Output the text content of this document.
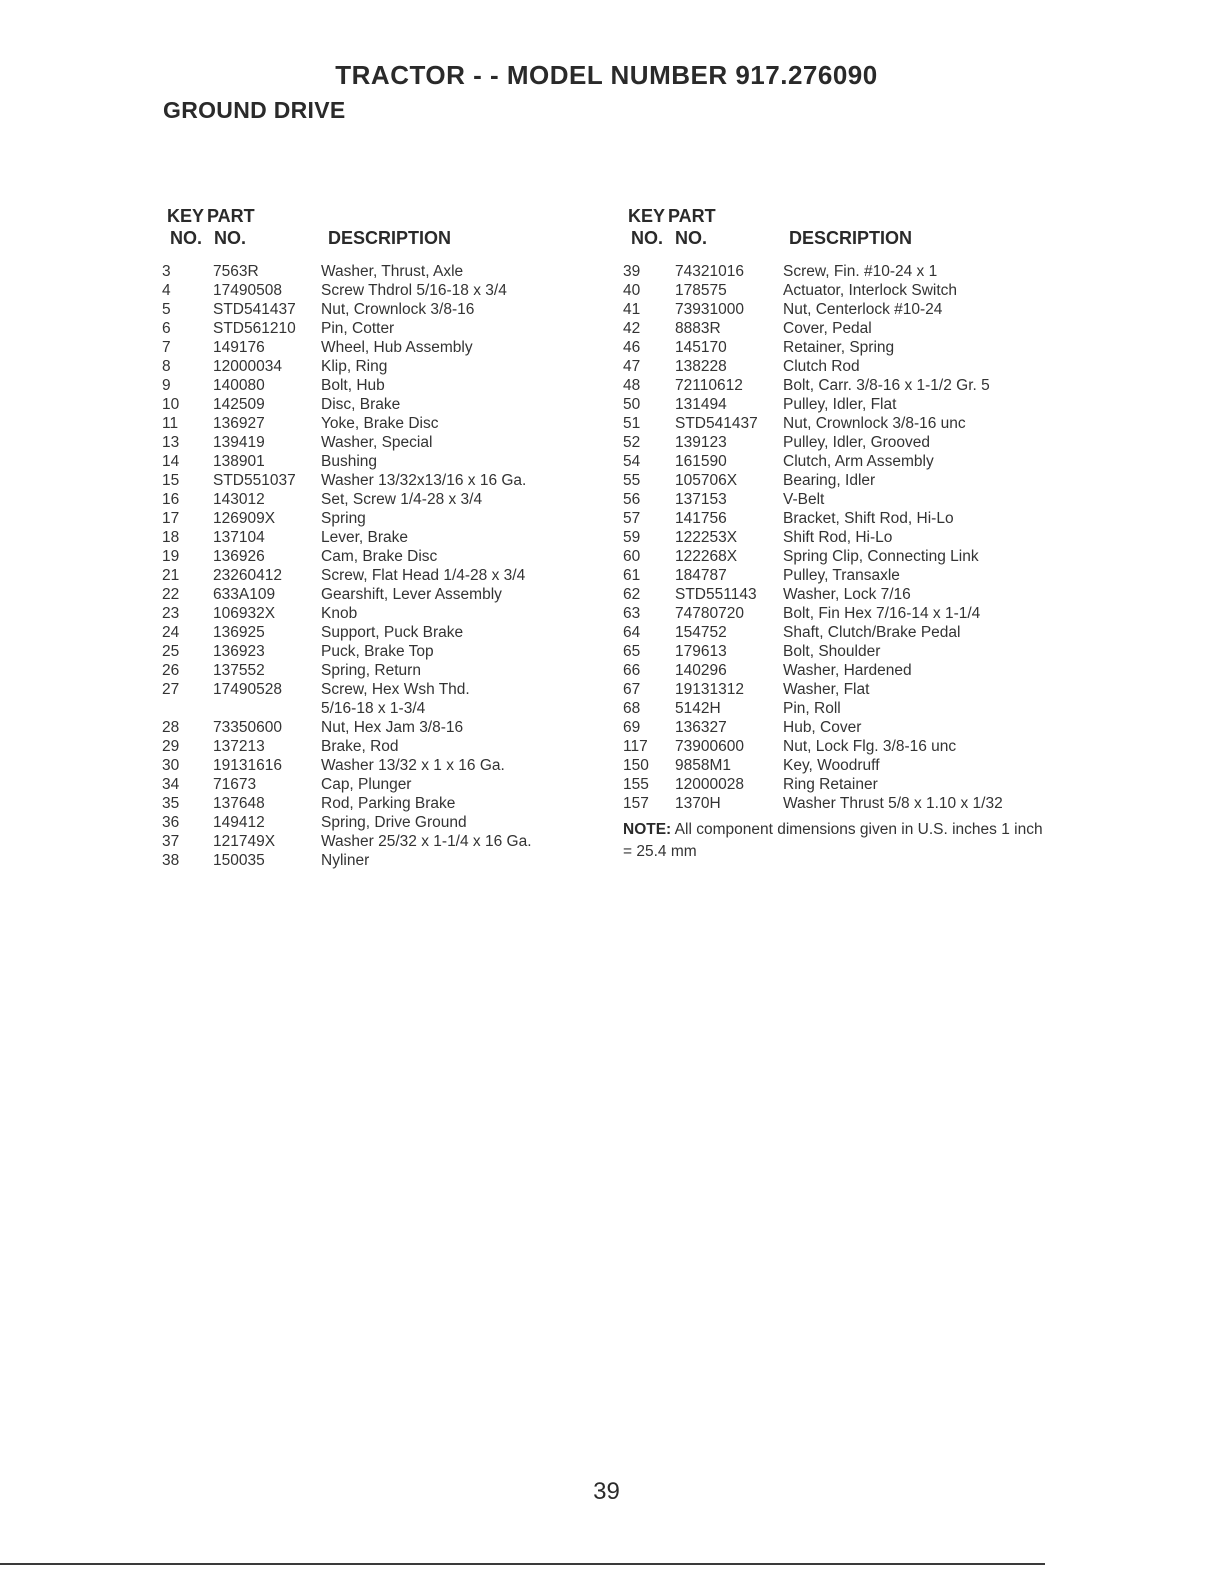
TRACTOR - - MODEL NUMBER 917.276090
GROUND DRIVE
KEY PART
NO. NO.	DESCRIPTION
3	7563R	Washer, Thrust, Axle
4	17490508	Screw Thdrol 5/16-18 x 3/4
5	STD541437 Nut, Crownlock 3/8-16
6	STD561210 Pin, Cotter
7	149176	Wheel, Hub Assembly
8	12000034	Klip, Ring
9	140080	Bolt, Hub
10 142509	Disc, Brake
11 136927	Yoke, Brake Disc
13 139419	Washer, Special
14 138901	Bushing
15 STD551037 Washer 13/32x13/16 x 16 Ga.
16 143012	Set, Screw 1/4-28 x 3/4
17 126909X	Spring
18 137104	Lever, Brake
19 136926	Cam, Brake Disc
21 23260412	Screw, Flat Head 1/4-28 x 3/4
22 633A109	Gearshift, Lever Assembly
23 106932X	Knob
24 136925	Support, Puck Brake
25 136923	Puck, Brake Top
26 137552	Spring, Return
27 17490528	Screw, Hex Wsh Thd.
5/16-18 x 1-3/4
28 73350600	Nut, Hex Jam 3/8-16
29 137213	Brake, Rod
30 19131616	Washer 13/32 x 1 x 16 Ga.
34 71673	Cap, Plunger
35 137648	Rod, Parking Brake
36 149412	Spring, Drive Ground
37 121749X	Washer 25/32 x 1-1/4 x 16 Ga.
38 150035	Nyliner
KEY PART
NO. NO.	DESCRIPTION
39 74321016	Screw, Fin. #10-24 x 1
40 178575	Actuator, Interlock Switch
41 73931000	Nut, Centerlock #10-24
42 8883R	Cover, Pedal
46 145170	Retainer, Spring
47 138228	Clutch Rod
48 72110612	Bolt, Carr. 3/8-16 x 1-1/2 Gr. 5
50 131494	Pulley, Idler, Flat
51 STD541437 Nut, Crownlock 3/8-16 unc
52 139123	Pulley, Idler, Grooved
54 161590	Clutch, Arm Assembly
55 105706X	Bearing, Idler
56 137153	V-Belt
57 141756	Bracket, Shift Rod, Hi-Lo
59 122253X	Shift Rod, Hi-Lo
60 122268X	Spring Clip, Connecting Link
61 184787	Pulley, Transaxle
62 STD551143 Washer, Lock 7/16
63 74780720	Bolt, Fin Hex 7/16-14 x 1-1/4
64 154752	Shaft, Clutch/Brake Pedal
65 179613	Bolt, Shoulder
66 140296	Washer, Hardened
67 19131312	Washer, Flat
68 5142H	Pin, Roll
69 136327	Hub, Cover
117 73900600	Nut, Lock Flg. 3/8-16 unc
150 9858M1	Key, Woodruff
155 12000028	Ring Retainer
157 1370H	Washer Thrust 5/8 x 1.10 x 1/32
NOTE: All component dimensions given in U.S. inches 1 inch = 25.4 mm
39
